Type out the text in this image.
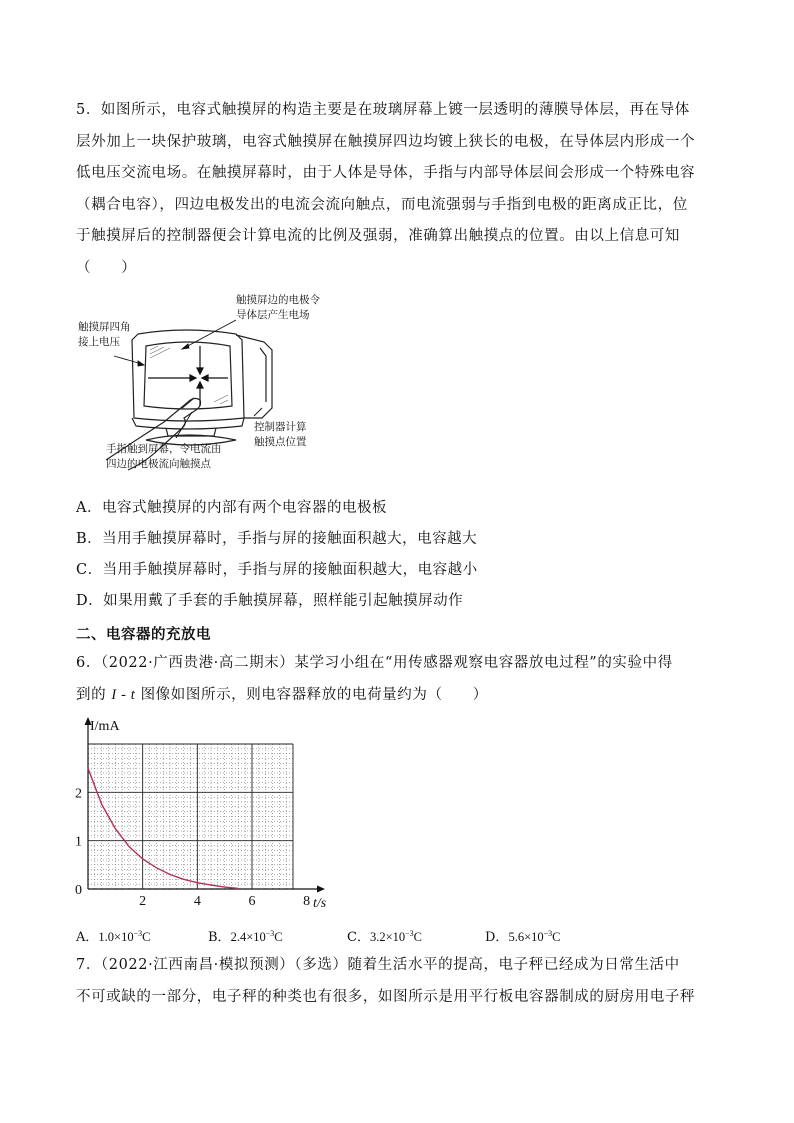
5．如图所示，电容式触摸屏的构造主要是在玻璃屏幕上镀一层透明的薄膜导体层，再在导体
层外加上一块保护玻璃，电容式触摸屏在触摸屏四边均镀上狭长的电极，在导体层内形成一个
低电压交流电场。在触摸屏幕时，由于人体是导体，手指与内部导体层间会形成一个特殊电容
（耦合电容），四边电极发出的电流会流向触点，而电流强弱与手指到电极的距离成正比，位
于触摸屏后的控制器便会计算电流的比例及强弱，准确算出触摸点的位置。由以上信息可知
（　　）
触摸屏边的电极令
导体层产生电场
触摸屏四角
接上电压
控制器计算
触摸点位置
手指触到屏幕，令电流由
四边的电极流向触摸点
A．电容式触摸屏的内部有两个电容器的电极板
B．当用手触摸屏幕时，手指与屏的接触面积越大，电容越大
C．当用手触摸屏幕时，手指与屏的接触面积越大，电容越小
D．如果用戴了手套的手触摸屏幕，照样能引起触摸屏动作
二、电容器的充放电
6．（2022·广西贵港·高二期末）某学习小组在“用传感器观察电容器放电过程”的实验中得
到的 I - t 图像如图所示，则电容器释放的电荷量约为（　　）
2	4	6	8
1
2
0
I/mA
t/s
A．$1.0\times 10^{-3}C$	B．$2.4\times 10^{-3}C$	C．$3.2\times 10^{-3}C$	D．$5.6\times 10^{-3}C$
7．（2022·江西南昌·模拟预测）（多选）随着生活水平的提高，电子秤已经成为日常生活中
不可或缺的一部分，电子秤的种类也有很多，如图所示是用平行板电容器制成的厨房用电子秤
